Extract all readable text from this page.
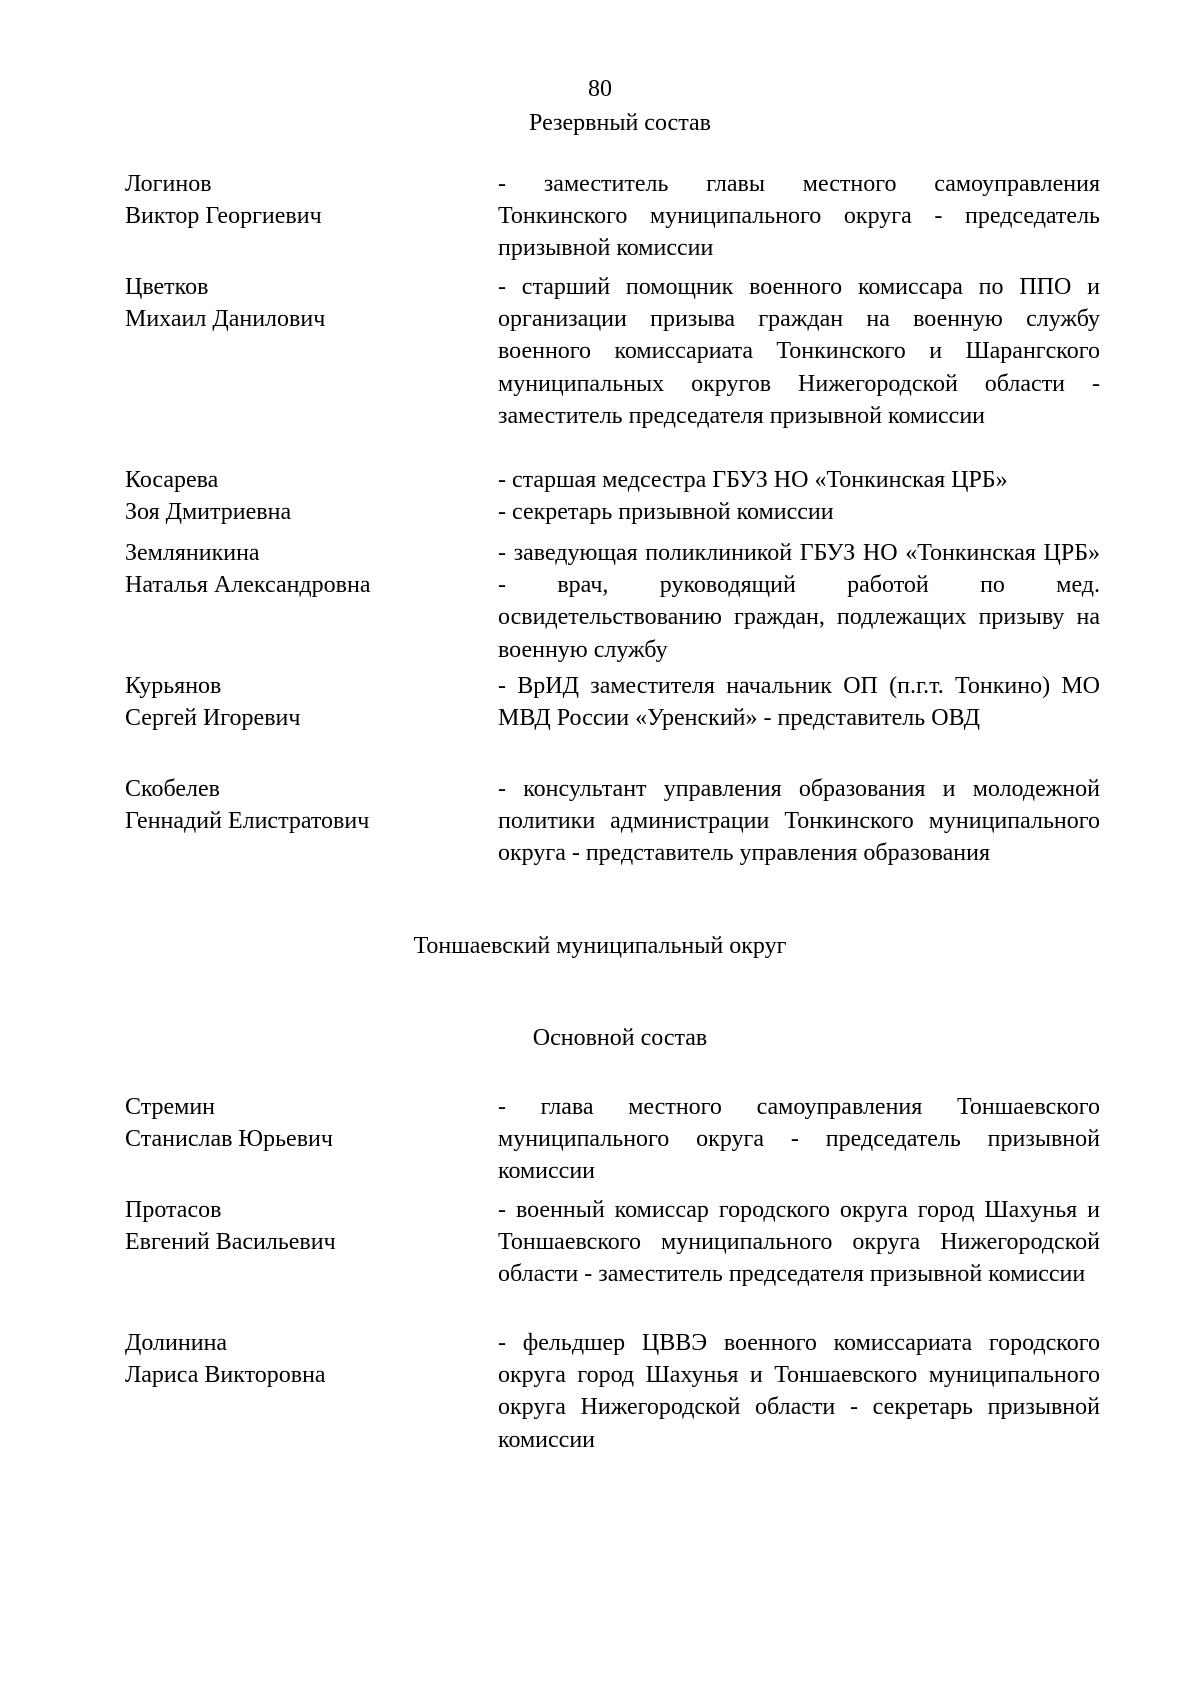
80
Резервный состав
Логинов
Виктор Георгиевич

- заместитель главы местного самоуправления Тонкинского муниципального округа - председатель призывной комиссии

Цветков
Михаил Данилович

- старший помощник военного комиссара по ППО и организации призыва граждан на военную службу военного комиссариата Тонкинского и Шарангского муниципальных округов Нижегородской области - заместитель председателя призывной комиссии

Косарева
Зоя Дмитриевна

- старшая медсестра ГБУЗ НО «Тонкинская ЦРБ»

- секретарь призывной комиссии

Земляникина
Наталья Александровна

- заведующая поликлиникой ГБУЗ НО «Тонкинская ЦРБ» - врач, руководящий работой по мед. освидетельствованию граждан, подлежащих призыву на военную службу

Курьянов
Сергей Игоревич

- ВрИД заместителя начальник ОП (п.г.т. Тонкино) МО МВД России «Уренский» - представитель ОВД

Скобелев
Геннадий Елистратович

- консультант управления образования и молодежной политики администрации Тонкинского муниципального округа - представитель управления образования

Тоншаевский муниципальный округ
Основной состав
Стремин
Станислав Юрьевич

- глава местного самоуправления Тоншаевского муниципального округа - председатель призывной комиссии

Протасов
Евгений Васильевич

- военный комиссар городского округа город Шахунья и Тоншаевского муниципального округа Нижегородской области - заместитель председателя призывной комиссии

Долинина
Лариса Викторовна

- фельдшер ЦВВЭ военного комиссариата городского округа город Шахунья и Тоншаевского муниципального округа Нижегородской области - секретарь призывной комиссии
